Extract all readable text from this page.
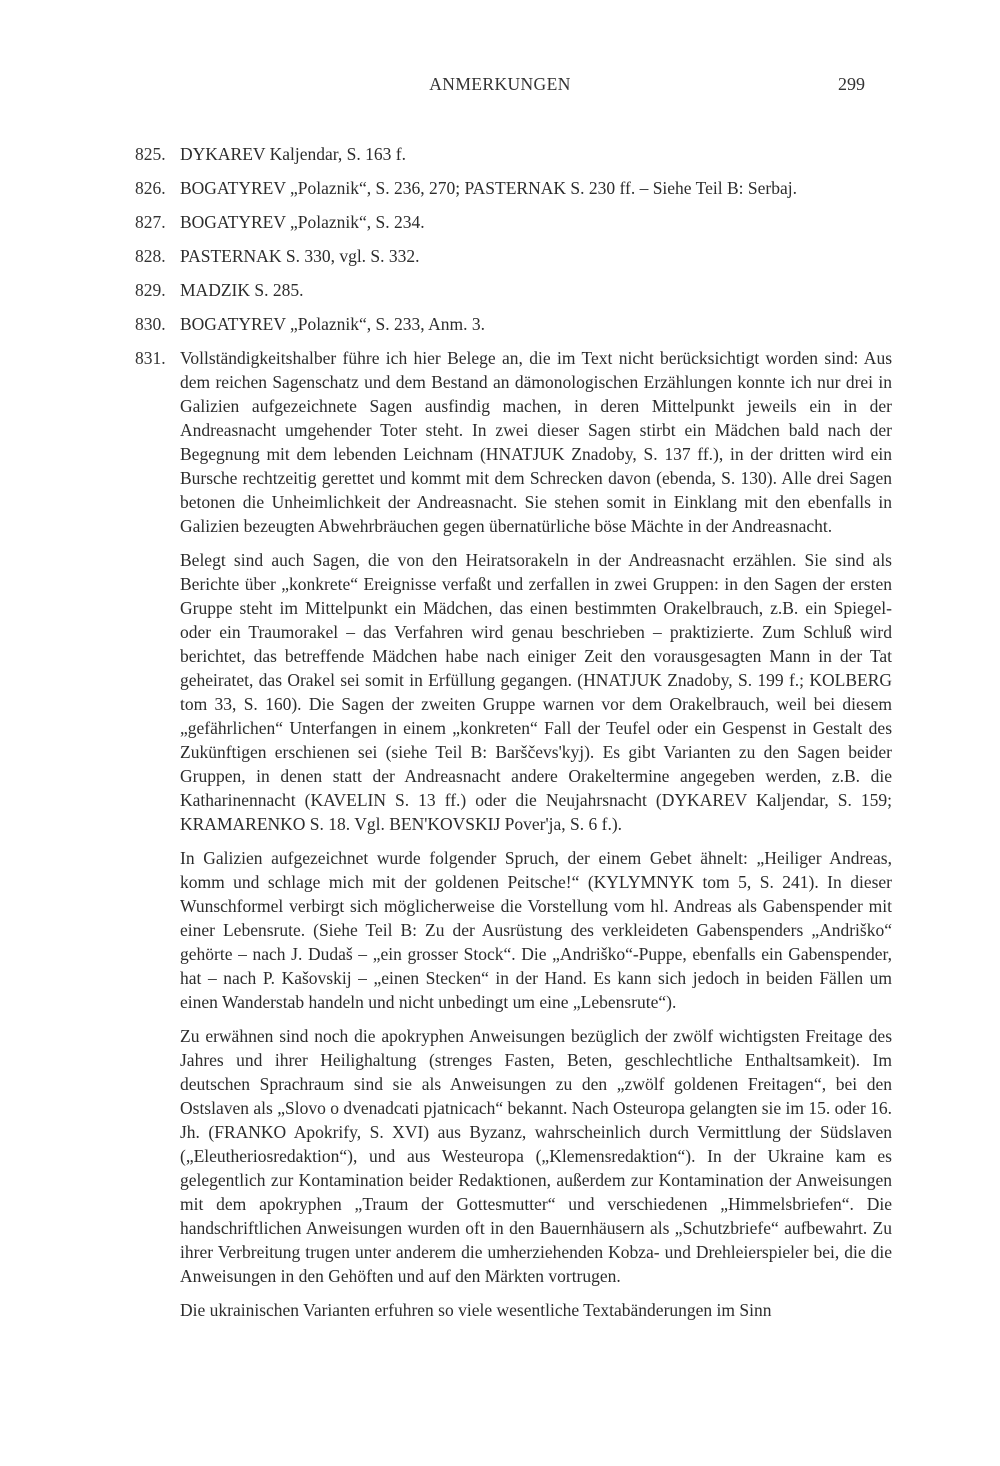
ANMERKUNGEN	299
825. DYKAREV Kaljendar, S. 163 f.

826. BOGATYREV „Polaznik“, S. 236, 270; PASTERNAK S. 230 ff. – Siehe Teil B: Serbaj.

827. BOGATYREV „Polaznik“, S. 234.

828. PASTERNAK S. 330, vgl. S. 332.

829. MADZIK S. 285.

830. BOGATYREV „Polaznik“, S. 233, Anm. 3.

831. Vollständigkeitshalber führe ich hier Belege an, die im Text nicht berücksichtigt worden sind: Aus dem reichen Sagenschatz und dem Bestand an dämonologischen Erzählungen konnte ich nur drei in Galizien aufgezeichnete Sagen ausfindig machen, in deren Mittelpunkt jeweils ein in der Andreasnacht umgehender Toter steht. In zwei dieser Sagen stirbt ein Mädchen bald nach der Begegnung mit dem lebenden Leichnam (HNATJUK Znadoby, S. 137 ff.), in der dritten wird ein Bursche rechtzeitig gerettet und kommt mit dem Schrecken davon (ebenda, S. 130). Alle drei Sagen betonen die Unheimlichkeit der Andreasnacht. Sie stehen somit in Einklang mit den ebenfalls in Galizien bezeugten Abwehrbräuchen gegen übernatürliche böse Mächte in der Andreasnacht.

Belegt sind auch Sagen, die von den Heiratsorakeln in der Andreasnacht erzählen. Sie sind als Berichte über „konkrete“ Ereignisse verfaßt und zerfallen in zwei Gruppen: in den Sagen der ersten Gruppe steht im Mittelpunkt ein Mädchen, das einen bestimmten Orakelbrauch, z.B. ein Spiegel- oder ein Traumorakel – das Verfahren wird genau beschrieben – praktizierte. Zum Schluß wird berichtet, das betreffende Mädchen habe nach einiger Zeit den vorausgesagten Mann in der Tat geheiratet, das Orakel sei somit in Erfüllung gegangen. (HNATJUK Znadoby, S. 199 f.; KOLBERG tom 33, S. 160). Die Sagen der zweiten Gruppe warnen vor dem Orakelbrauch, weil bei diesem „gefährlichen“ Unterfangen in einem „konkreten“ Fall der Teufel oder ein Gespenst in Gestalt des Zukünftigen erschienen sei (siehe Teil B: Barščevs'kyj). Es gibt Varianten zu den Sagen beider Gruppen, in denen statt der Andreasnacht andere Orakeltermine angegeben werden, z.B. die Katharinennacht (KAVELIN S. 13 ff.) oder die Neujahrsnacht (DYKAREV Kaljendar, S. 159; KRAMARENKO S. 18. Vgl. BEN'KOVSKIJ Pover'ja, S. 6 f.).

In Galizien aufgezeichnet wurde folgender Spruch, der einem Gebet ähnelt: „Heiliger Andreas, komm und schlage mich mit der goldenen Peitsche!“ (KYLYMNYK tom 5, S. 241). In dieser Wunschformel verbirgt sich möglicherweise die Vorstellung vom hl. Andreas als Gabenspender mit einer Lebensrute. (Siehe Teil B: Zu der Ausrüstung des verkleideten Gabenspenders „Andriško“ gehörte – nach J. Dudaš – „ein grosser Stock“. Die „Andriško“-Puppe, ebenfalls ein Gabenspender, hat – nach P. Kašovskij – „einen Stecken“ in der Hand. Es kann sich jedoch in beiden Fällen um einen Wanderstab handeln und nicht unbedingt um eine „Lebensrute“).

Zu erwähnen sind noch die apokryphen Anweisungen bezüglich der zwölf wichtigsten Freitage des Jahres und ihrer Heilighaltung (strenges Fasten, Beten, geschlechtliche Enthaltsamkeit). Im deutschen Sprachraum sind sie als Anweisungen zu den „zwölf goldenen Freitagen“, bei den Ostslaven als „Slovo o dvenadcati pjatnicach“ bekannt. Nach Osteuropa gelangten sie im 15. oder 16. Jh. (FRANKO Apokrify, S. XVI) aus Byzanz, wahrscheinlich durch Vermittlung der Südslaven („Eleutheriosredaktion“), und aus Westeuropa („Klemensredaktion“). In der Ukraine kam es gelegentlich zur Kontamination beider Redaktionen, außerdem zur Kontamination der Anweisungen mit dem apokryphen „Traum der Gottesmutter“ und verschiedenen „Himmelsbriefen“. Die handschriftlichen Anweisungen wurden oft in den Bauernhäusern als „Schutzbriefe“ aufbewahrt. Zu ihrer Verbreitung trugen unter anderem die umherziehenden Kobza- und Drehleierspieler bei, die die Anweisungen in den Gehöften und auf den Märkten vortrugen.

Die ukrainischen Varianten erfuhren so viele wesentliche Textabänderungen im Sinn
